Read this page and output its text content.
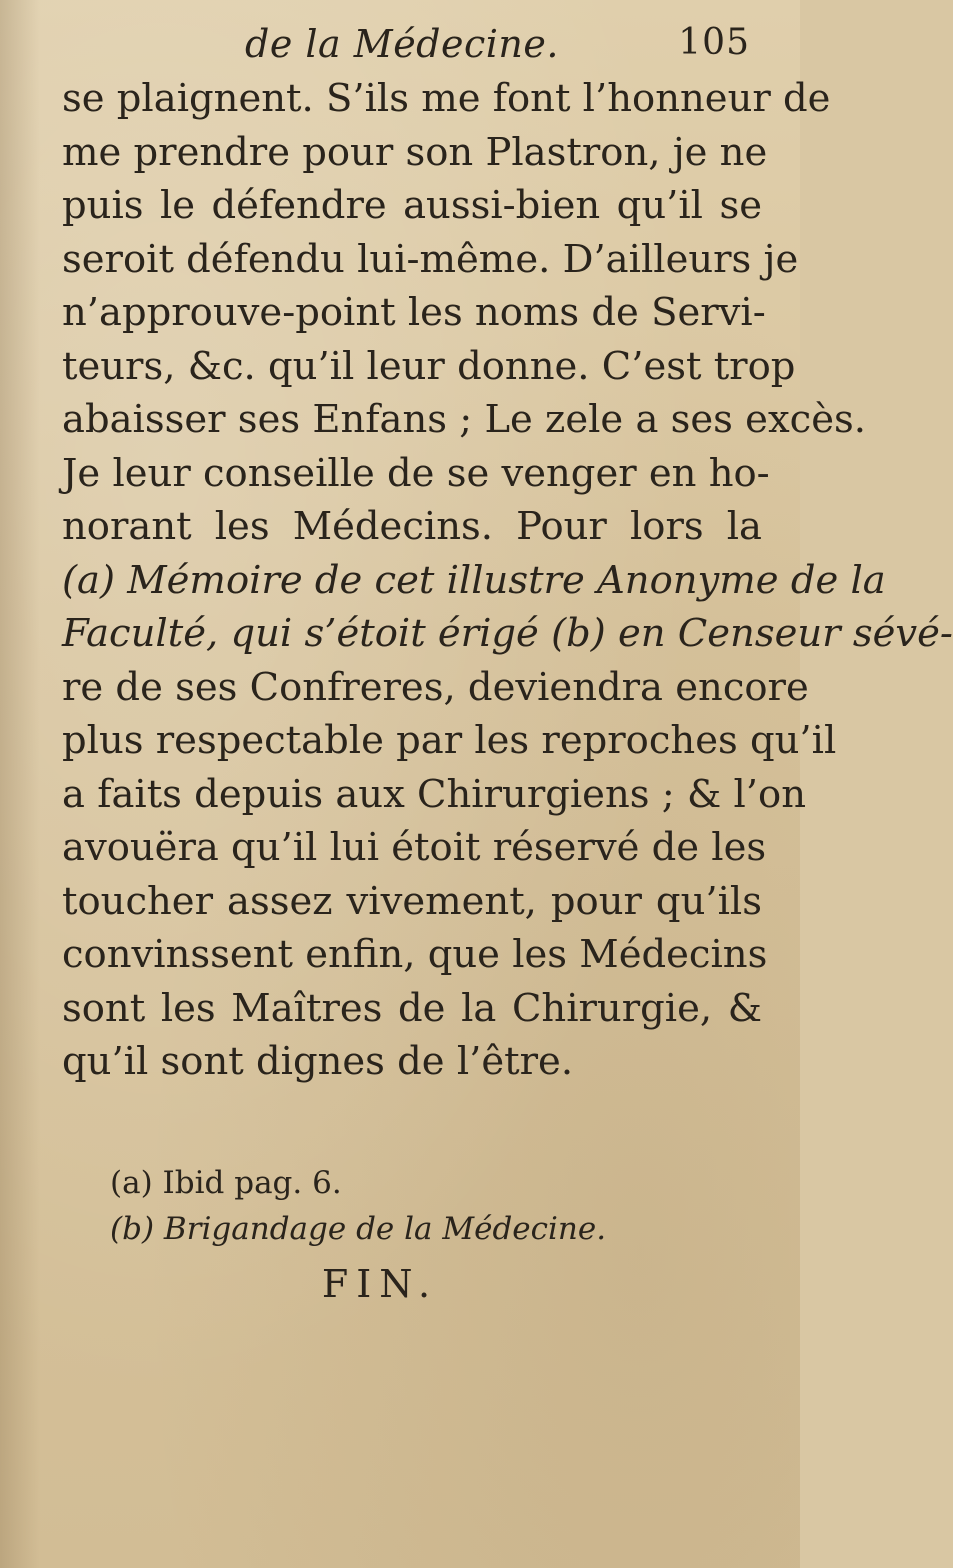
de la Médecine.	105
se plaignent. S’ils me font l’honneur de
me prendre pour son Plastron, je ne
puis le défendre aussi-bien qu’il se
seroit défendu lui-même. D’ailleurs je
n’approuve-point les noms de Servi-
teurs, &c. qu’il leur donne. C’est trop
abaisser ses Enfans ; Le zele a ses excès.
Je leur conseille de se venger en ho-
norant les Médecins. Pour lors la
(a) Mémoire de cet illustre Anonyme de la
Faculté, qui s’étoit érigé (b) en Censeur sévé-
re de ses Confreres, deviendra encore
plus respectable par les reproches qu’il
a faits depuis aux Chirurgiens ; & l’on
avouëra qu’il lui étoit réservé de les
toucher assez vivement, pour qu’ils
convinssent enfin, que les Médecins
sont les Maîtres de la Chirurgie, &
qu’il sont dignes de l’être.
(a) Ibid pag. 6.
(b) Brigandage de la Médecine.
FIN.
